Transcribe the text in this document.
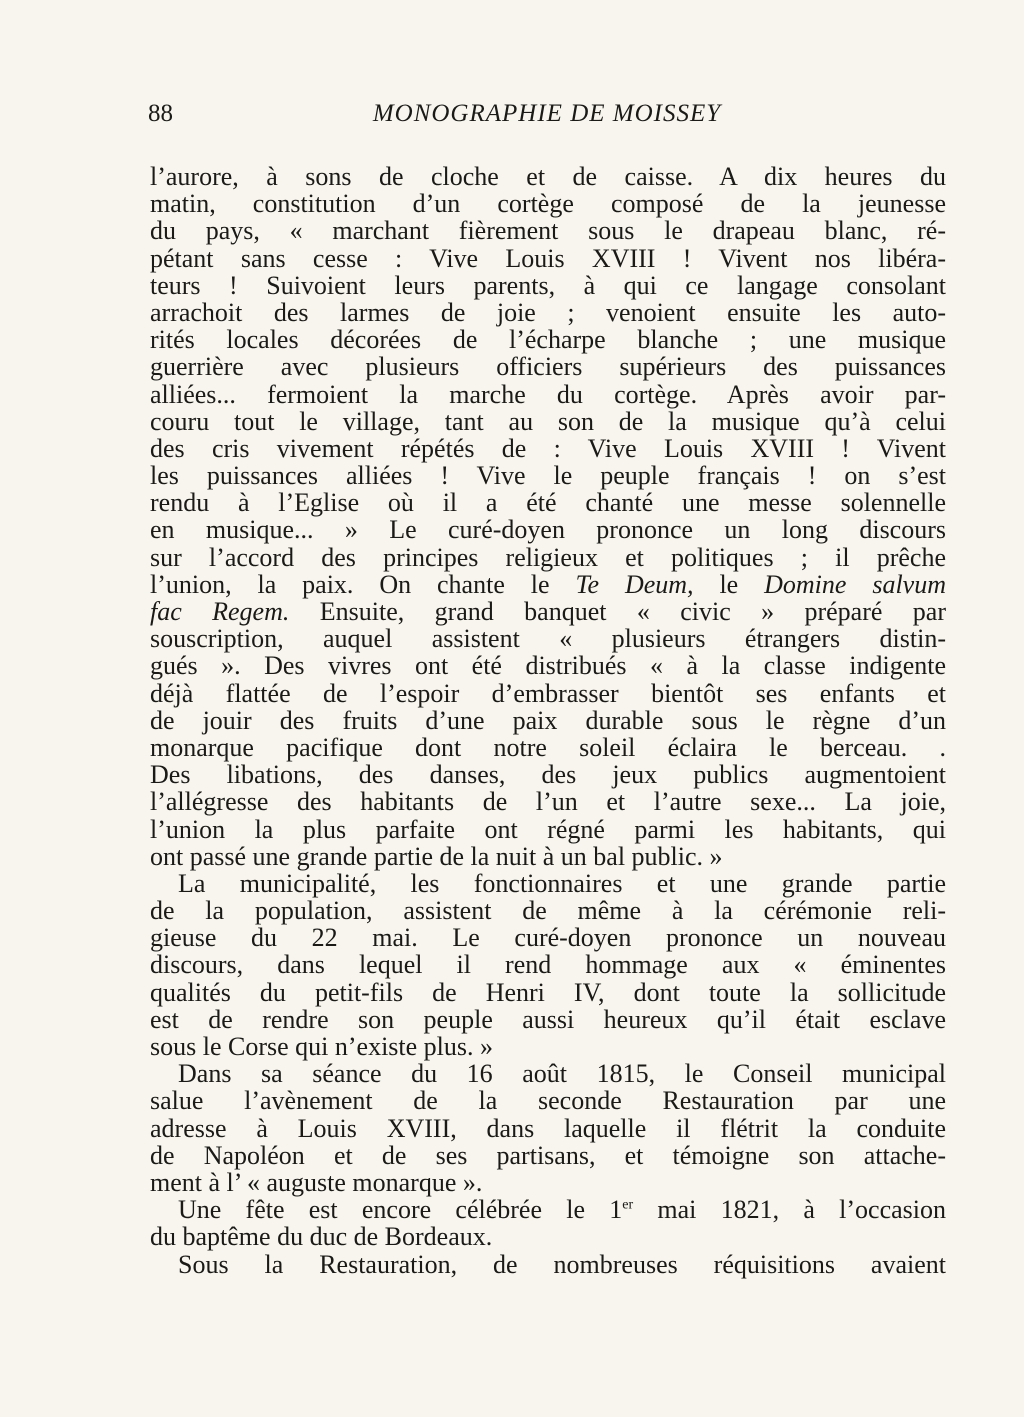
88	MONOGRAPHIE DE MOISSEY
l’aurore, à sons de cloche et de caisse. A dix heures du
matin, constitution d’un cortège composé de la jeunesse
du pays, « marchant fièrement sous le drapeau blanc, ré-
pétant sans cesse : Vive Louis XVIII ! Vivent nos libéra-
teurs ! Suivoient leurs parents, à qui ce langage consolant
arrachoit des larmes de joie ; venoient ensuite les auto-
rités locales décorées de l’écharpe blanche ; une musique
guerrière avec plusieurs officiers supérieurs des puissances
alliées... fermoient la marche du cortège. Après avoir par-
couru tout le village, tant au son de la musique qu’à celui
des cris vivement répétés de : Vive Louis XVIII ! Vivent
les puissances alliées ! Vive le peuple français ! on s’est
rendu à l’Eglise où il a été chanté une messe solennelle
en musique... » Le curé-doyen prononce un long discours
sur l’accord des principes religieux et politiques ; il prêche
l’union, la paix. On chante le Te Deum, le Domine salvum
fac Regem. Ensuite, grand banquet « civic » préparé par
souscription, auquel assistent « plusieurs étrangers distin-
gués ». Des vivres ont été distribués « à la classe indigente
déjà flattée de l’espoir d’embrasser bientôt ses enfants et
de jouir des fruits d’une paix durable sous le règne d’un
monarque pacifique dont notre soleil éclaira le berceau. .
Des libations, des danses, des jeux publics augmentoient
l’allégresse des habitants de l’un et l’autre sexe... La joie,
l’union la plus parfaite ont régné parmi les habitants, qui
ont passé une grande partie de la nuit à un bal public. »
La municipalité, les fonctionnaires et une grande partie
de la population, assistent de même à la cérémonie reli-
gieuse du 22 mai. Le curé-doyen prononce un nouveau
discours, dans lequel il rend hommage aux « éminentes
qualités du petit-fils de Henri IV, dont toute la sollicitude
est de rendre son peuple aussi heureux qu’il était esclave
sous le Corse qui n’existe plus. »
Dans sa séance du 16 août 1815, le Conseil municipal
salue l’avènement de la seconde Restauration par une
adresse à Louis XVIII, dans laquelle il flétrit la conduite
de Napoléon et de ses partisans, et témoigne son attache-
ment à l’ « auguste monarque ».
Une fête est encore célébrée le 1er mai 1821, à l’occasion
du baptême du duc de Bordeaux.
Sous la Restauration, de nombreuses réquisitions avaient
